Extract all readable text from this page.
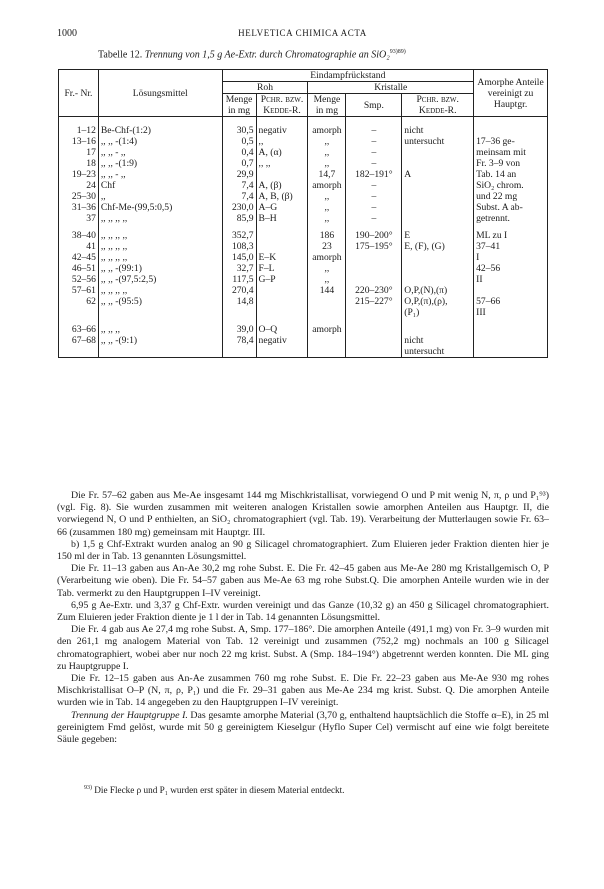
1000	HELVETICA CHIMICA ACTA
Tabelle 12. Trennung von 1,5 g Ae-Extr. durch Chromatographie an SiO₂$^{93)89)}$
Fr.- Nr.	Lösungsmittel	Eindampfrückstand					Amorphe Anteile vereinigt zu Hauptgr.
		Roh		Kristalle			
		Menge in mg	Pchr. bzw. Kedde-R.	Menge in mg	Smp.	Pchr. bzw. Kedde-R.	
1–12	Be-Chf-(1:2)	30,5	negativ	amorph	–	nicht	
13–16	,, ,, -(1:4)	0,5	,,	,,	–	untersucht	17–36 ge-
17	,, ,, - ,,	0,4	A, (α)	,,	–		meinsam mit
18	,, ,, -(1:9)	0,7	,, ,,	,,	–		Fr. 3–9 von
19–23	,, ,, - ,,	29,9		14,7	182–191°	A	Tab. 14 an
24	Chf	7,4	A, (β)	amorph	–		SiO₂ chrom.
25–30	,,	7,4	A, B, (β)	,,	–		und 22 mg
31–36	Chf-Me-(99,5:0,5)	230,0	A–G	,,	–		Subst. A ab-
37	,, ,, ,, ,,	85,9	B–H	,,	–		getrennt.
38–40	,, ,, ,, ,,	352,7		186	190–200°	E	ML zu I
41	,, ,, ,, ,,	108,3		23	175–195°	E, (F), (G)	37–41
42–45	,, ,, ,, ,,	145,0	E–K	amorph			I
46–51	,, ,, -(99:1)	32,7	F–L	,,			42–56
52–56	,, ,, -(97,5:2,5)	117,5	G–P	,,			II
57–61	,, ,, ,, ,,	270,4		144	220–230°	O,P,(N),(π)	
62	,, ,, -(95:5)	14,8			215–227°	O,P,(π),(ρ),	57–66
						(P₁)	III
63–66	,, ,, ,,	39,0	O–Q	amorph			
67–68	,, ,, -(9:1)	78,4	negativ			nicht	
						untersucht	

Die Fr. 57–62 gaben aus Me-Ae insgesamt 144 mg Mischkristallisat, vorwiegend O und P mit wenig N, π, ρ und P₁⁹³) (vgl. Fig. 8). Sie wurden zusammen mit weiteren analogen Kristallen sowie amorphen Anteilen aus Hauptgr. II, die vorwiegend N, O und P enthielten, an SiO₂ chromatographiert (vgl. Tab. 19). Verarbeitung der Mutterlaugen sowie Fr. 63–66 (zusammen 180 mg) gemeinsam mit Hauptgr. III.

b) 1,5 g Chf-Extrakt wurden analog an 90 g Silicagel chromatographiert. Zum Eluieren jeder Fraktion dienten hier je 150 ml der in Tab. 13 genannten Lösungsmittel.

Die Fr. 11–13 gaben aus An-Ae 30,2 mg rohe Subst. E. Die Fr. 42–45 gaben aus Me-Ae 280 mg Kristallgemisch O, P (Verarbeitung wie oben). Die Fr. 54–57 gaben aus Me-Ae 63 mg rohe Subst.Q. Die amorphen Anteile wurden wie in der Tab. vermerkt zu den Hauptgruppen I–IV vereinigt.

6,95 g Ae-Extr. und 3,37 g Chf-Extr. wurden vereinigt und das Ganze (10,32 g) an 450 g Silicagel chromatographiert. Zum Eluieren jeder Fraktion diente je 1 l der in Tab. 14 genannten Lösungsmittel.

Die Fr. 4 gab aus Ae 27,4 mg rohe Subst. A, Smp. 177–186°. Die amorphen Anteile (491,1 mg) von Fr. 3–9 wurden mit den 261,1 mg analogem Material von Tab. 12 vereinigt und zusammen (752,2 mg) nochmals an 100 g Silicagel chromatographiert, wobei aber nur noch 22 mg krist. Subst. A (Smp. 184–194°) abgetrennt werden konnten. Die ML ging zu Hauptgruppe I.

Die Fr. 12–15 gaben aus An-Ae zusammen 760 mg rohe Subst. E. Die Fr. 22–23 gaben aus Me-Ae 930 mg rohes Mischkristallisat O–P (N, π, ρ, P₁) und die Fr. 29–31 gaben aus Me-Ae 234 mg krist. Subst. Q. Die amorphen Anteile wurden wie in Tab. 14 angegeben zu den Hauptgruppen I–IV vereinigt.

Trennung der Hauptgruppe I. Das gesamte amorphe Material (3,70 g, enthaltend hauptsächlich die Stoffe α–E), in 25 ml gereinigtem Fmd gelöst, wurde mit 50 g gereinigtem Kieselgur (Hyflo Super Cel) vermischt auf eine wie folgt bereitete Säule gegeben:

$^{93)}$ Die Flecke ρ und P₁ wurden erst später in diesem Material entdeckt.
